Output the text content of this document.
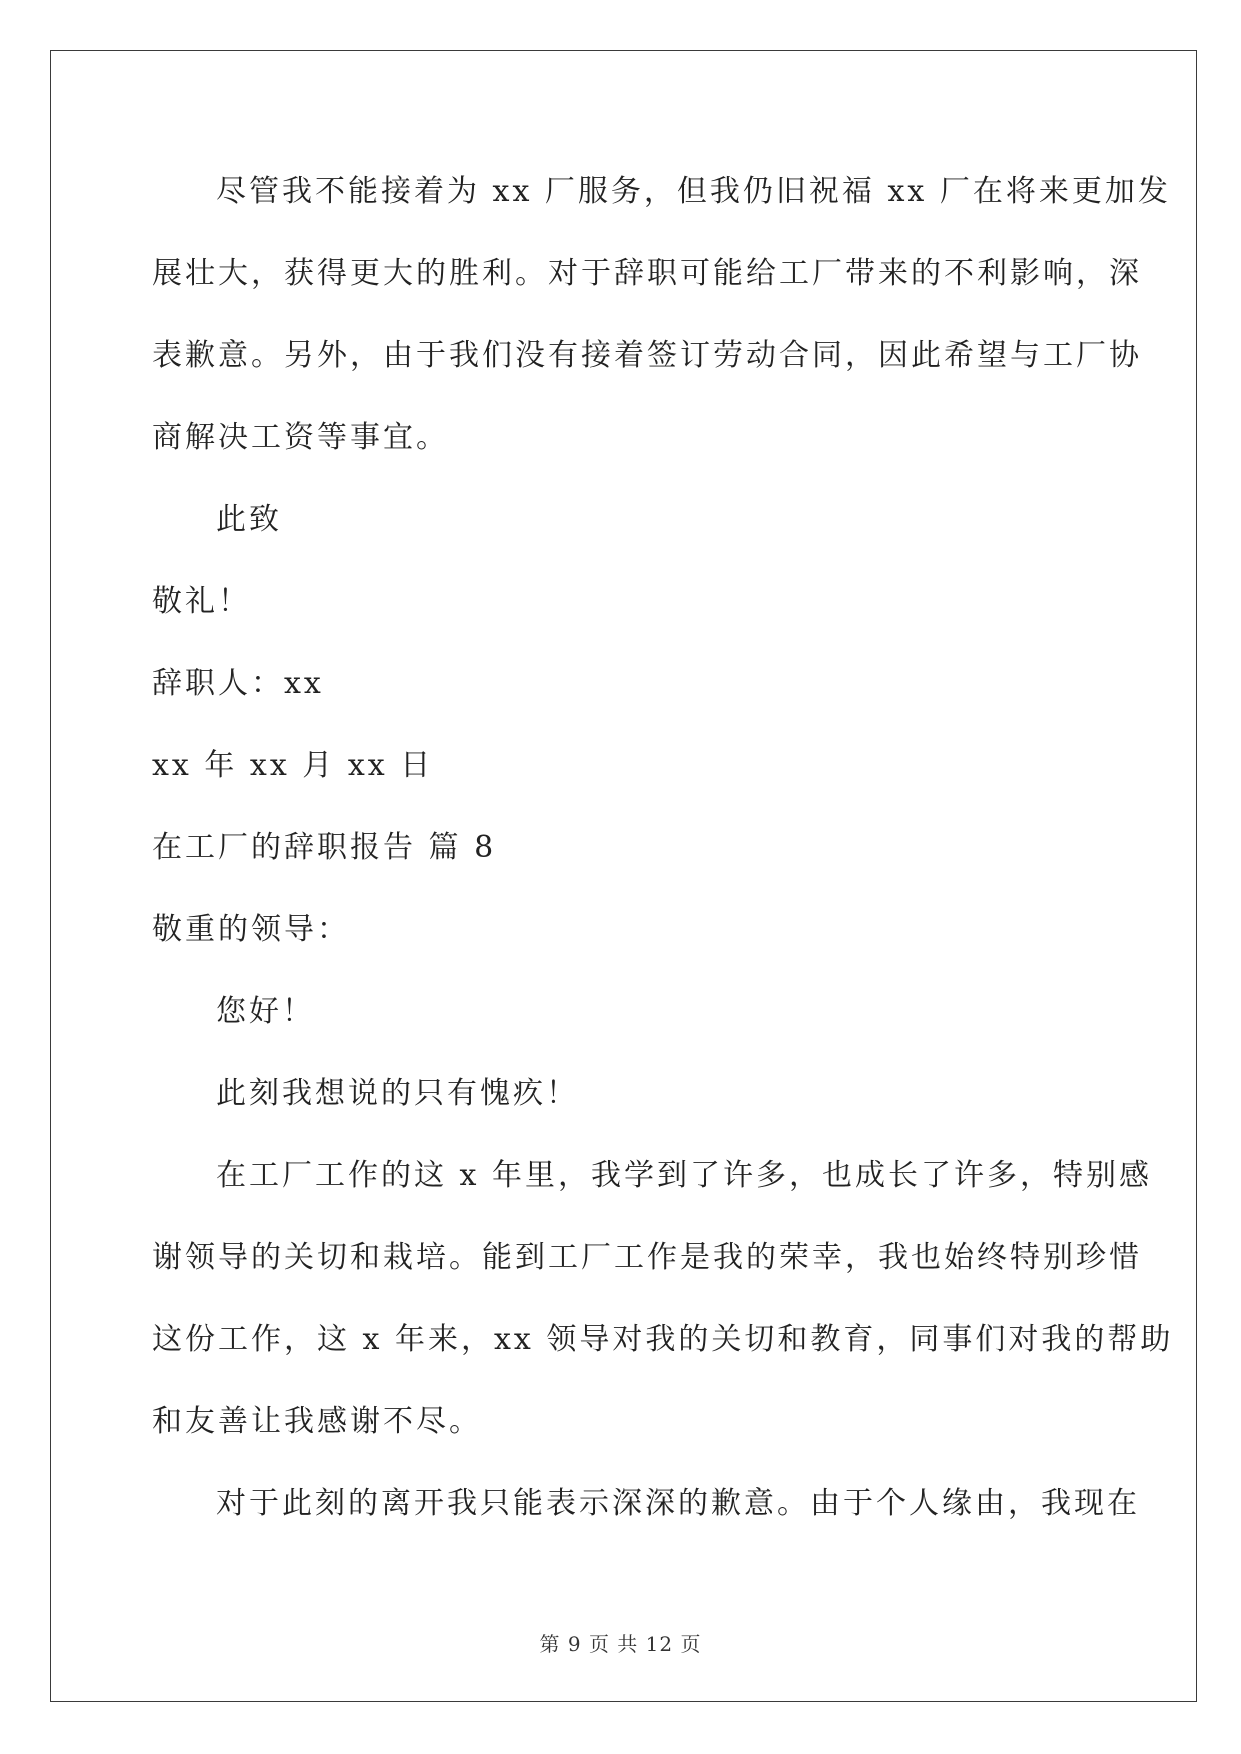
尽管我不能接着为 xx 厂服务，但我仍旧祝福 xx 厂在将来更加发
展壮大，获得更大的胜利。对于辞职可能给工厂带来的不利影响，深
表歉意。另外，由于我们没有接着签订劳动合同，因此希望与工厂协
商解决工资等事宜。
此致
敬礼！
辞职人：xx
xx 年 xx 月 xx 日
在工厂的辞职报告 篇 8
敬重的领导：
您好！
此刻我想说的只有愧疚！
在工厂工作的这 x 年里，我学到了许多，也成长了许多，特别感
谢领导的关切和栽培。能到工厂工作是我的荣幸，我也始终特别珍惜
这份工作，这 x 年来，xx 领导对我的关切和教育，同事们对我的帮助
和友善让我感谢不尽。
对于此刻的离开我只能表示深深的歉意。由于个人缘由，我现在
第 9 页 共 12 页
